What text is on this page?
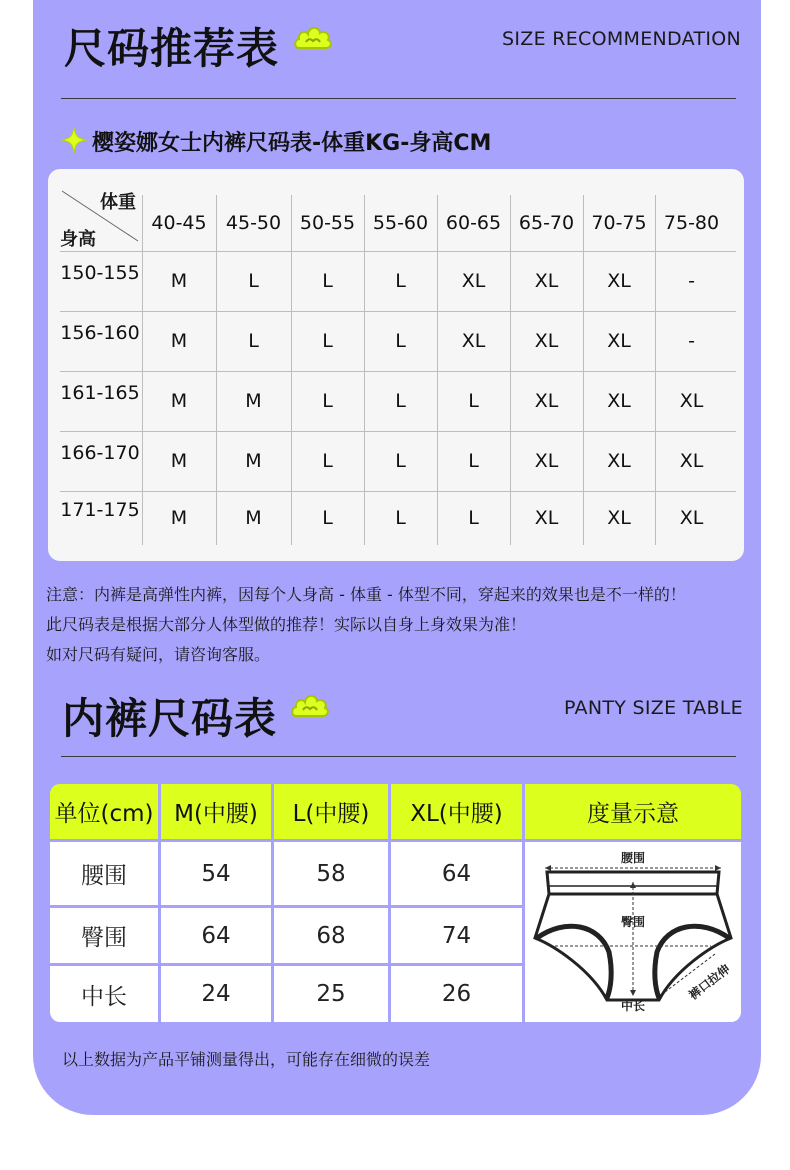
尺码推荐表	SIZE RECOMMENDATION
樱姿娜女士内裤尺码表-体重KG-身高CM
体重
身高
40-45	45-50 50-55 55-60 60-65 65-70 70-75 75-80
150-155	M	L	L	L	XL	XL	XL	-
156-160	M	L	L	L	XL	XL	XL	-
161-165	M	M	L	L	L	XL	XL	XL
166-170	M	M	L	L	L	XL	XL	XL
171-175	M	M	L	L	L	XL	XL	XL
注意：内裤是高弹性内裤，因每个人身高 - 体重 - 体型不同，穿起来的效果也是不一样的！
此尺码表是根据大部分人体型做的推荐！实际以自身上身效果为准！
如对尺码有疑问，请咨询客服。
内裤尺码表	PANTY SIZE TABLE
单位(cm) M(中腰)	L(中腰)	XL(中腰)	度量示意
腰围	54	58	64
臀围	64	68	74
中长	24	25	26
腰围
臀围
中长
裤口拉伸
以上数据为产品平铺测量得出，可能存在细微的误差
